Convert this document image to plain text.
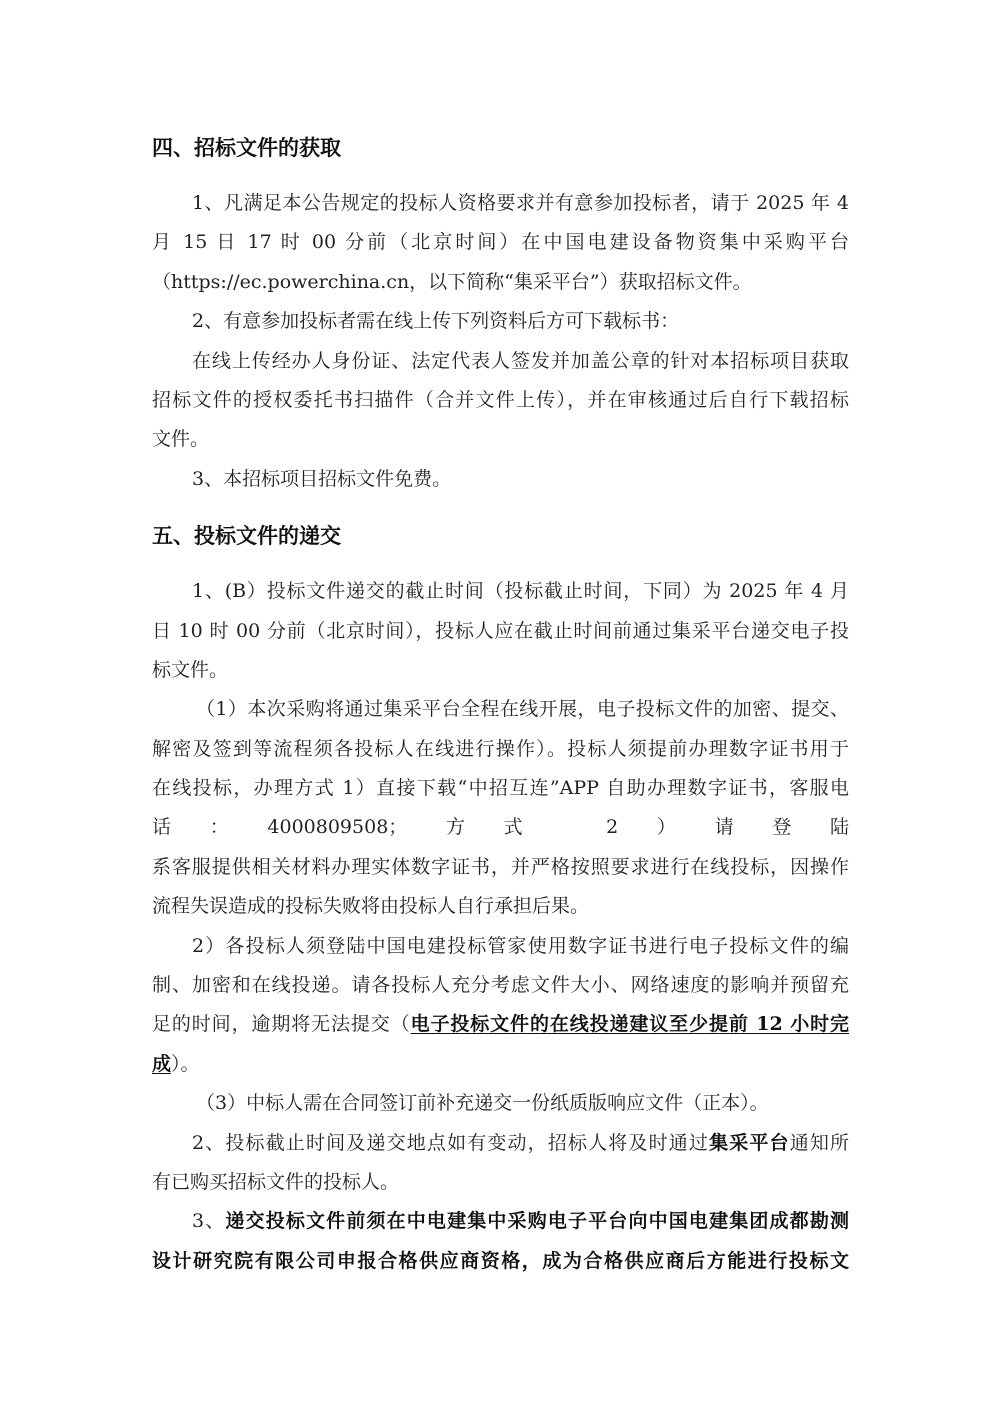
四、招标文件的获取
1、凡满足本公告规定的投标人资格要求并有意参加投标者，请于 2025 年 4
月 15 日 17 时 00 分前（北京时间）在中国电建设备物资集中采购平台
（https://ec.powerchina.cn，以下简称“集采平台”）获取招标文件。
2、有意参加投标者需在线上传下列资料后方可下载标书：
在线上传经办人身份证、法定代表人签发并加盖公章的针对本招标项目获取
招标文件的授权委托书扫描件（合并文件上传），并在审核通过后自行下载招标
文件。
3、本招标项目招标文件免费。
五、投标文件的递交
1、(B）投标文件递交的截止时间（投标截止时间，下同）为 2025 年 4 月
日 10 时 00 分前（北京时间），投标人应在截止时间前通过集采平台递交电子投
标文件。
（1）本次采购将通过集采平台全程在线开展，电子投标文件的加密、提交、
解密及签到等流程须各投标人在线进行操作）。投标人须提前办理数字证书用于
在线投标，办理方式 1）直接下载“中招互连”APP 自助办理数字证书，客服电
话：4000809508；方式 2）请登陆
系客服提供相关材料办理实体数字证书，并严格按照要求进行在线投标，因操作
流程失误造成的投标失败将由投标人自行承担后果。
2）各投标人须登陆中国电建投标管家使用数字证书进行电子投标文件的编
制、加密和在线投递。请各投标人充分考虑文件大小、网络速度的影响并预留充
足的时间，逾期将无法提交（电子投标文件的在线投递建议至少提前 12 小时完
成）。
（3）中标人需在合同签订前补充递交一份纸质版响应文件（正本）。
2、投标截止时间及递交地点如有变动，招标人将及时通过集采平台通知所
有已购买招标文件的投标人。
3、递交投标文件前须在中电建集中采购电子平台向中国电建集团成都勘测
设计研究院有限公司申报合格供应商资格，成为合格供应商后方能进行投标文
